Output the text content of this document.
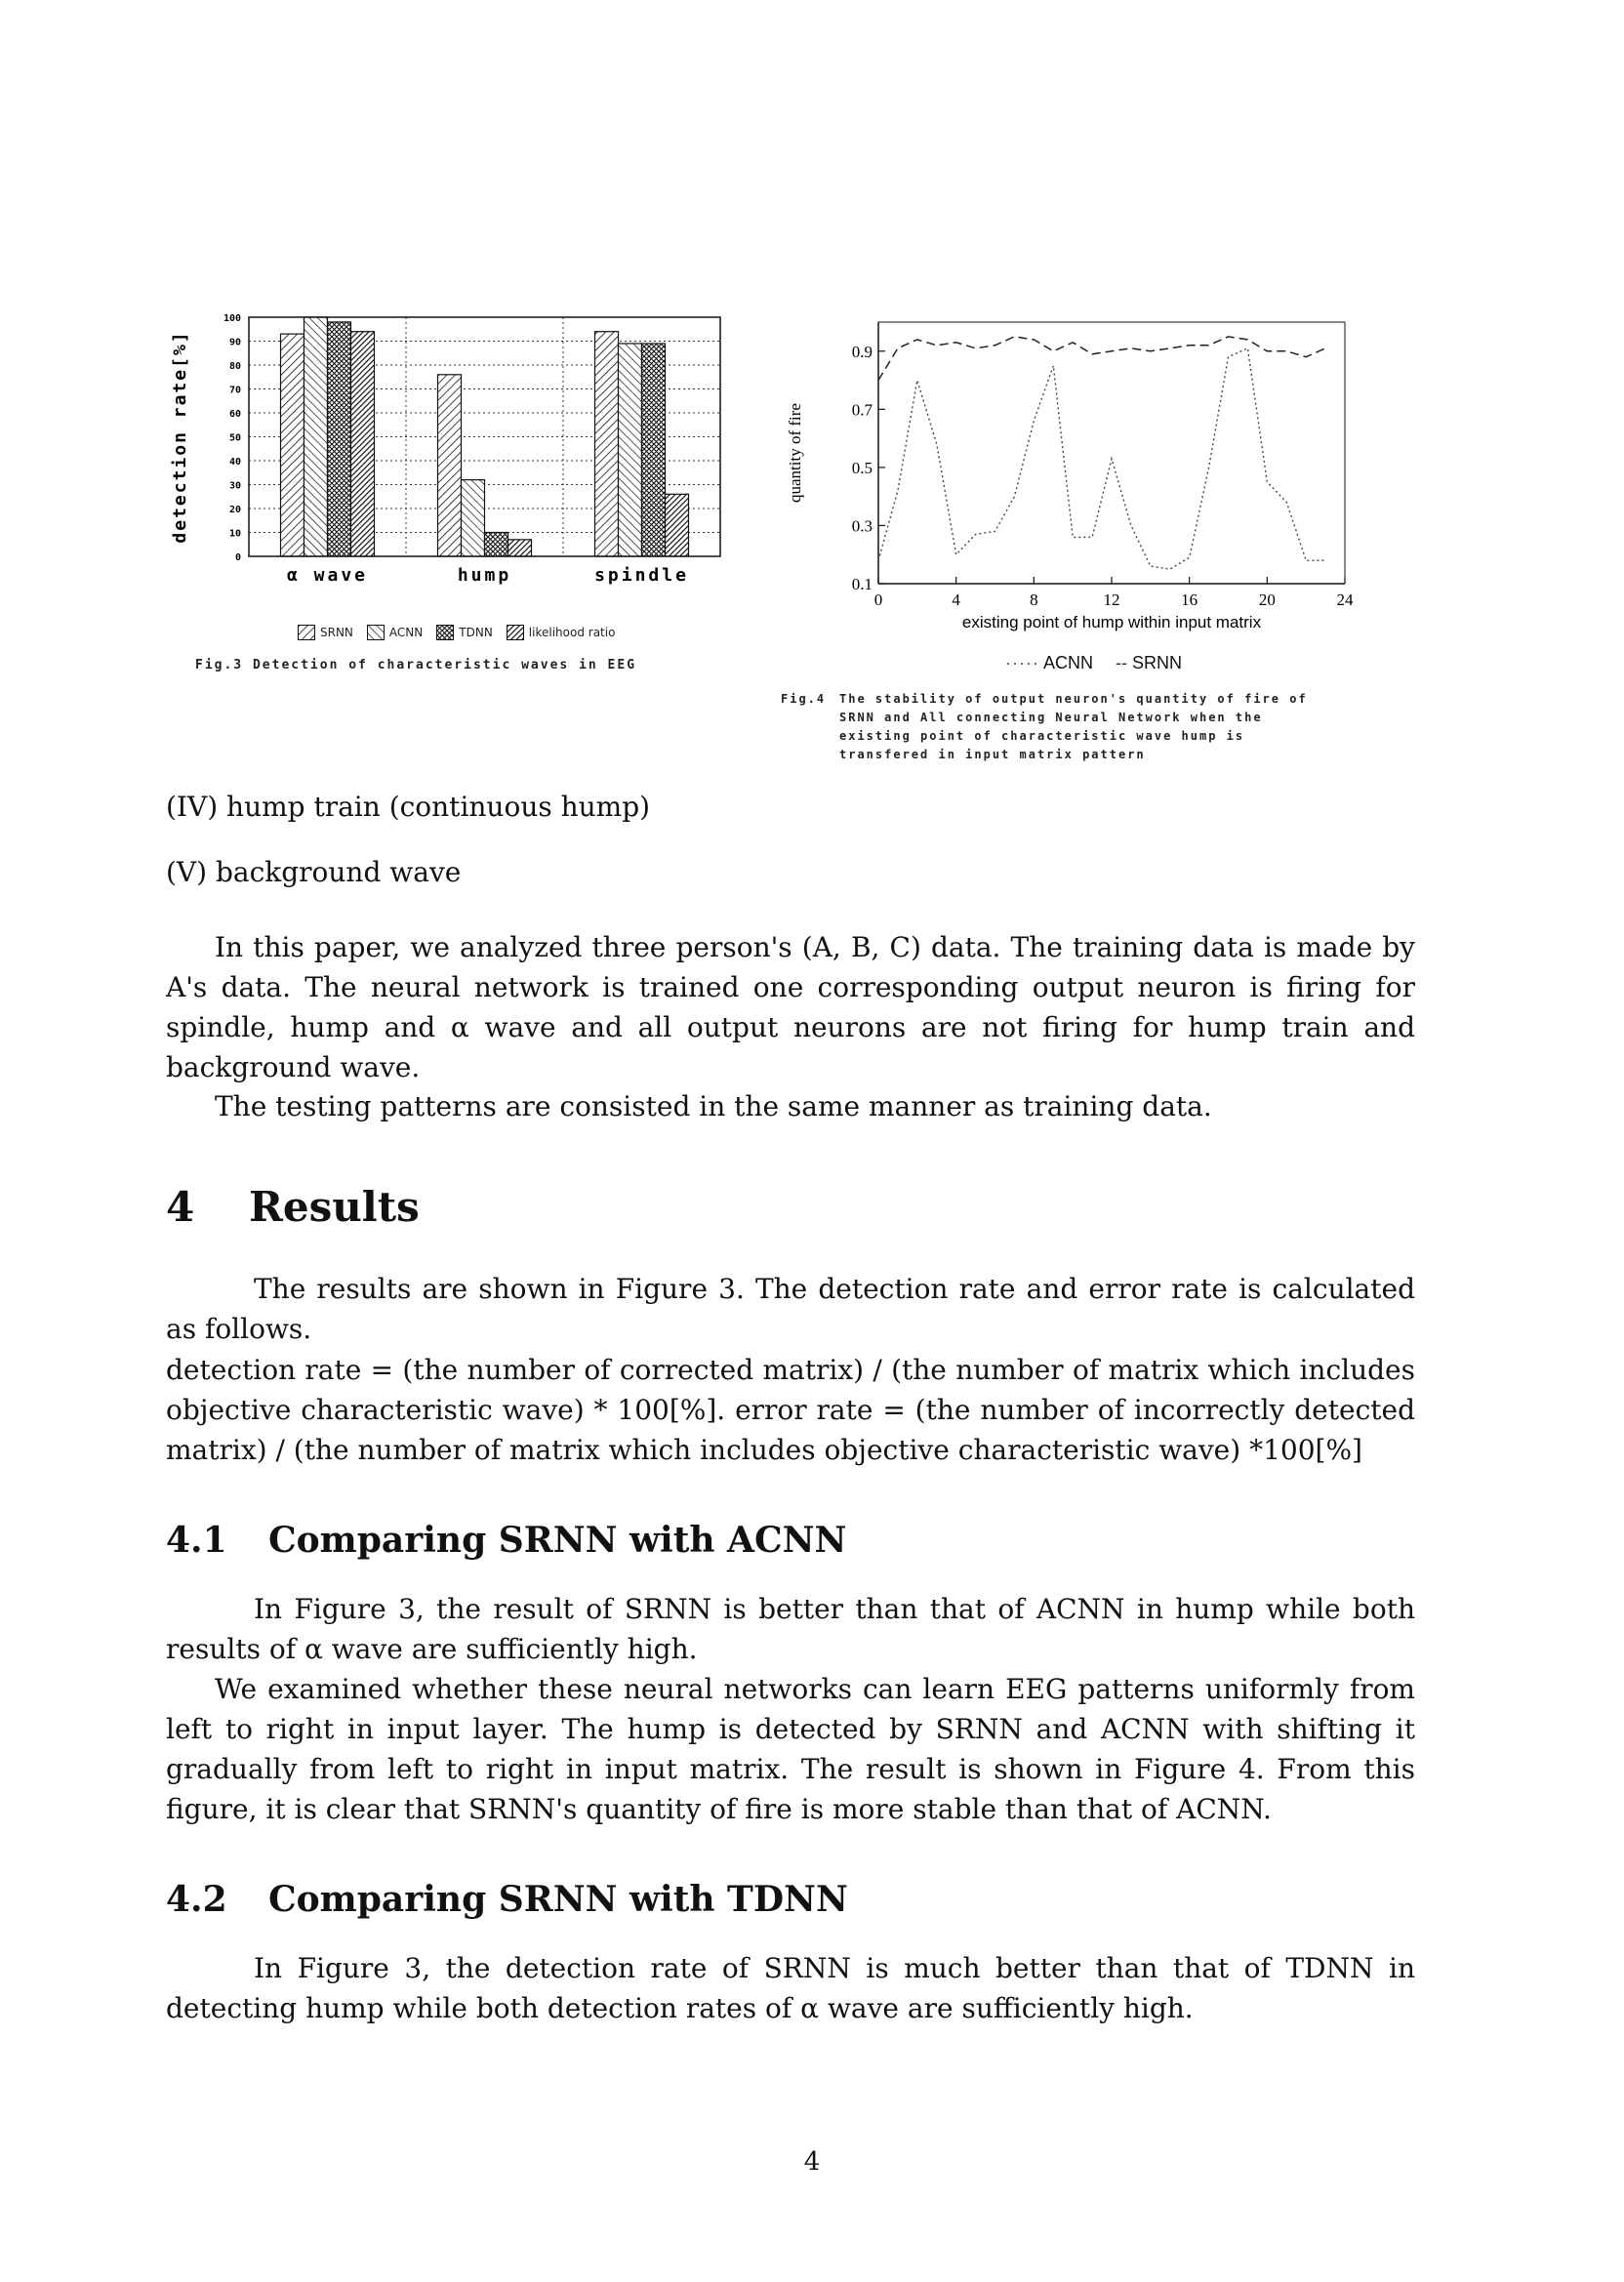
0
10
20
30
40
50
60
70
80
90
100
α wave	hump	spindle
detection rate[%]
SRNN	ACNN	TDNN	likelihood ratio
Fig.3 Detection of characteristic waves in EEG
0.1
0.3
0.5
0.7
0.9
0	4	8	12	16	20	24
existing point of hump within input matrix
quantity of fire
····· ACNN ‐‐ SRNN
Fig.4 The stability of output neuron's quantity of fire of
SRNN and All connecting Neural Network when the
existing point of characteristic wave hump is
transfered in input matrix pattern
(IV) hump train (continuous hump)
(V) background wave
In this paper, we analyzed three person's (A, B, C) data. The training data is made by A's data. The neural network is trained one corresponding output neuron is firing for spindle, hump and α wave and all output neurons are not firing for hump train and background wave.
The testing patterns are consisted in the same manner as training data.
4 Results
The results are shown in Figure 3. The detection rate and error rate is calculated as follows.
detection rate = (the number of corrected matrix) / (the number of matrix which includes objective characteristic wave) * 100[%]. error rate = (the number of incorrectly detected matrix) / (the number of matrix which includes objective characteristic wave) *100[%]
4.1 Comparing SRNN with ACNN
In Figure 3, the result of SRNN is better than that of ACNN in hump while both results of α wave are sufficiently high.
We examined whether these neural networks can learn EEG patterns uniformly from left to right in input layer. The hump is detected by SRNN and ACNN with shifting it gradually from left to right in input matrix. The result is shown in Figure 4. From this figure, it is clear that SRNN's quantity of fire is more stable than that of ACNN.
4.2 Comparing SRNN with TDNN
In Figure 3, the detection rate of SRNN is much better than that of TDNN in detecting hump while both detection rates of α wave are sufficiently high.
4
